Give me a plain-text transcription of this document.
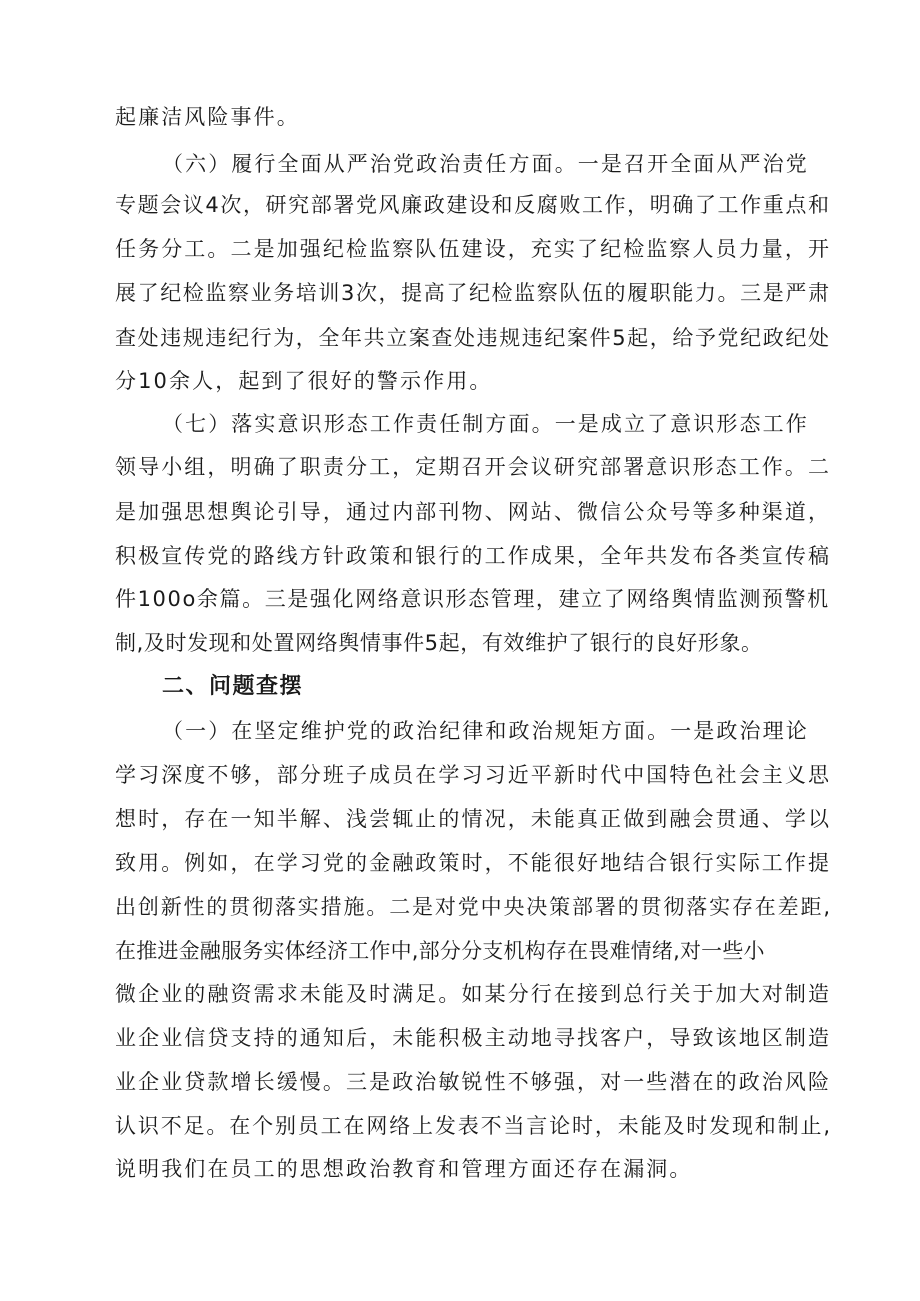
起廉洁风险事件。
（六）履行全面从严治党政治责任方面。一是召开全面从严治党
专题会议4次，研究部署党风廉政建设和反腐败工作，明确了工作重点和
任务分工。二是加强纪检监察队伍建设，充实了纪检监察人员力量，开
展了纪检监察业务培训3次，提高了纪检监察队伍的履职能力。三是严肃
查处违规违纪行为，全年共立案查处违规违纪案件5起，给予党纪政纪处
分10余人，起到了很好的警示作用。
（七）落实意识形态工作责任制方面。一是成立了意识形态工作
领导小组，明确了职责分工，定期召开会议研究部署意识形态工作。二
是加强思想舆论引导，通过内部刊物、网站、微信公众号等多种渠道，
积极宣传党的路线方针政策和银行的工作成果，全年共发布各类宣传稿
件100o余篇。三是强化网络意识形态管理，建立了网络舆情监测预警机
制,及时发现和处置网络舆情事件5起，有效维护了银行的良好形象。
二、问题查摆
（一）在坚定维护党的政治纪律和政治规矩方面。一是政治理论
学习深度不够，部分班子成员在学习习近平新时代中国特色社会主义思
想时，存在一知半解、浅尝辄止的情况，未能真正做到融会贯通、学以
致用。例如，在学习党的金融政策时，不能很好地结合银行实际工作提
出创新性的贯彻落实措施。二是对党中央决策部署的贯彻落实存在差距,
在推进金融服务实体经济工作中,部分分支机构存在畏难情绪,对一些小
微企业的融资需求未能及时满足。如某分行在接到总行关于加大对制造
业企业信贷支持的通知后，未能积极主动地寻找客户，导致该地区制造
业企业贷款增长缓慢。三是政治敏锐性不够强，对一些潜在的政治风险
认识不足。在个别员工在网络上发表不当言论时，未能及时发现和制止,
说明我们在员工的思想政治教育和管理方面还存在漏洞。
